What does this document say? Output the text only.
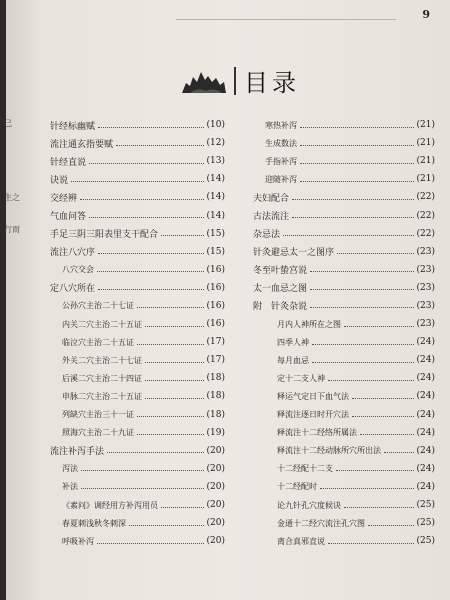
己
生之
行而
9
目录
针经标幽赋	(10)
流注通玄指要赋	(12)
针经直说	(13)
诀说	(14)
交经辨	(14)
气血问答	(14)
手足三阴三阳表里支干配合	(15)
流注八穴序	(15)
八穴交会	(16)
定八穴所在	(16)
公孙穴主治二十七证	(16)
内关二穴主治二十五证	(16)
临泣穴主治二十五证	(17)
外关二穴主治二十七证	(17)
后溪二穴主治二十四证	(18)
申脉二穴主治二十五证	(18)
列缺穴主治三十一证	(18)
照海穴主治二十九证	(19)
流注补泻手法	(20)
泻法	(20)
补法	(20)
《素问》调经用方补泻用员	(20)
春夏刺浅秋冬刺深	(20)
呼吸补泻	(20)
寒热补泻	(21)
生成数法	(21)
手指补泻	(21)
迎随补泻	(21)
夫妇配合	(22)
古法流注	(22)
杂忌法	(22)
针灸避忌太一之图序	(23)
冬至叶蛰宫说	(23)
太一血忌之图	(23)
附　针灸杂说	(23)
月内人神所在之图	(23)
四季人神	(24)
每月血忌	(24)
定十二支人神	(24)
释运气定日下血气法	(24)
释流注逐日时开穴法	(24)
释流注十二经络所属法	(24)
释流注十二经动脉所穴所出法	(24)
十二经配十二支	(24)
十二经配时	(24)
论九针孔穴度候诀	(25)
金通十二经穴流注孔穴图	(25)
离合真邪直说	(25)
